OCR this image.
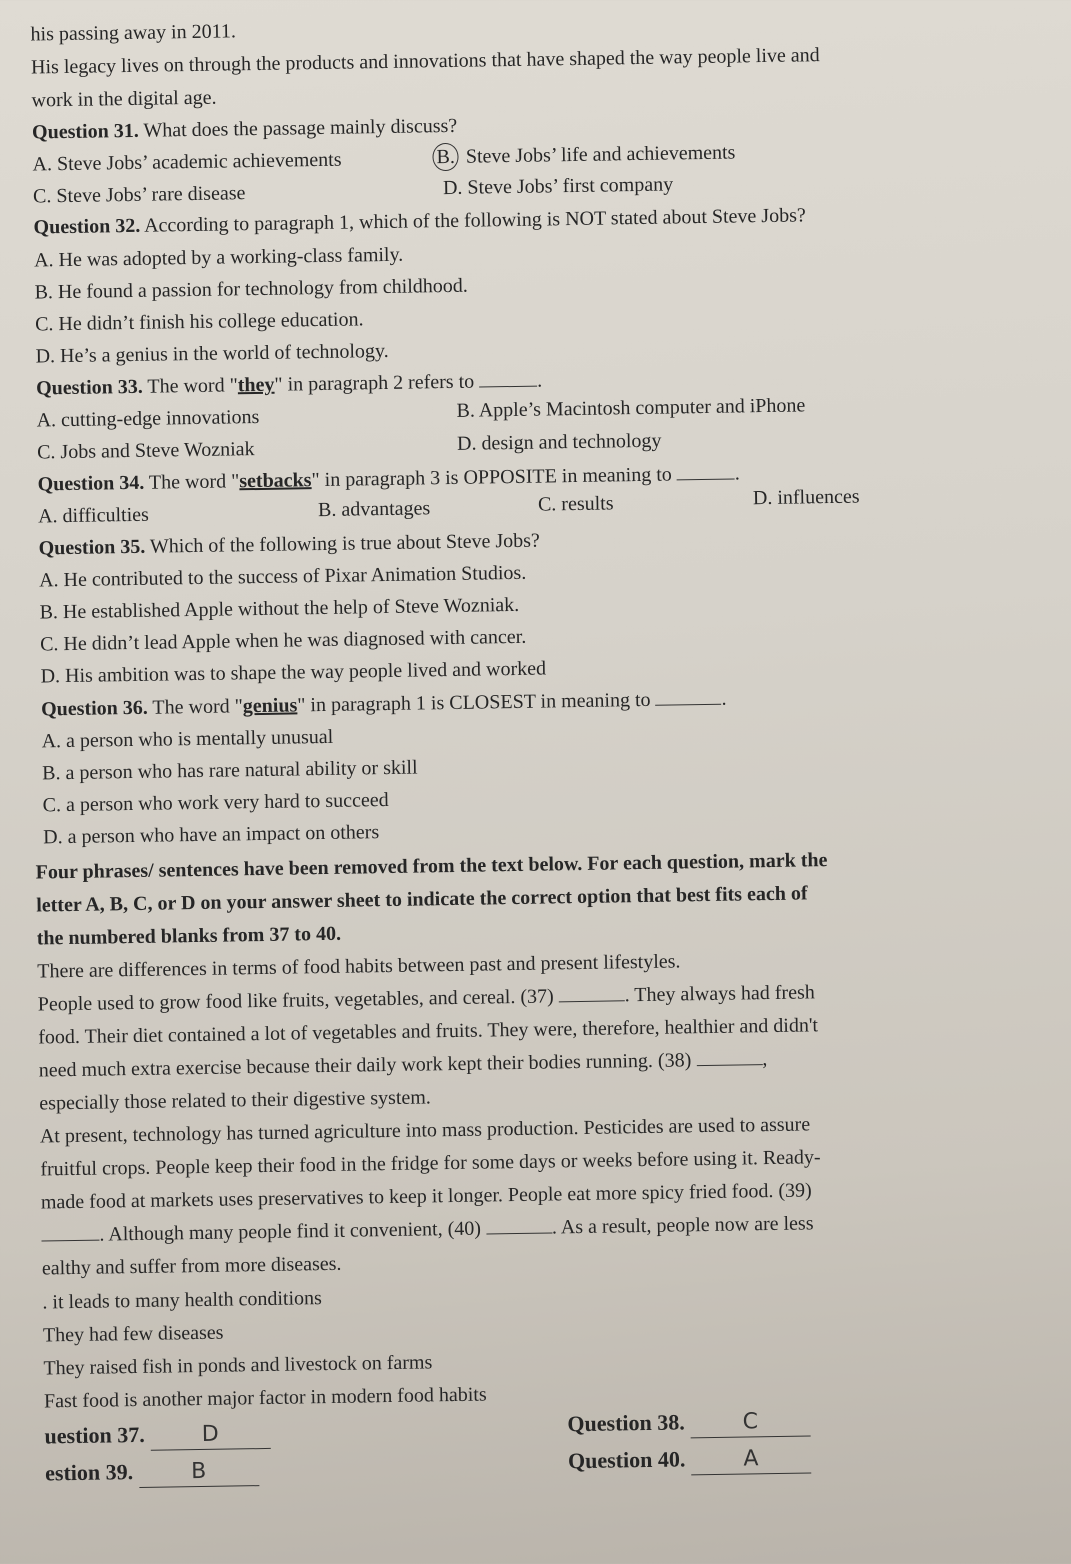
his passing away in 2011.
His legacy lives on through the products and innovations that have shaped the way people live and
work in the digital age.
Question 31. What does the passage mainly discuss?
A. Steve Jobs’ academic achievements	B. Steve Jobs’ life and achievements
C. Steve Jobs’ rare disease	D. Steve Jobs’ first company
Question 32. According to paragraph 1, which of the following is NOT stated about Steve Jobs?
A. He was adopted by a working-class family.
B. He found a passion for technology from childhood.
C. He didn’t finish his college education.
D. He’s a genius in the world of technology.
Question 33. The word "they" in paragraph 2 refers to	.
A. cutting-edge innovations	B. Apple’s Macintosh computer and iPhone
C. Jobs and Steve Wozniak	D. design and technology
Question 34. The word "setbacks" in paragraph 3 is OPPOSITE in meaning to	.
A. difficulties	B. advantages	C. results	D. influences
Question 35. Which of the following is true about Steve Jobs?
A. He contributed to the success of Pixar Animation Studios.
B. He established Apple without the help of Steve Wozniak.
C. He didn’t lead Apple when he was diagnosed with cancer.
D. His ambition was to shape the way people lived and worked
Question 36. The word "genius" in paragraph 1 is CLOSEST in meaning to	.
A. a person who is mentally unusual
B. a person who has rare natural ability or skill
C. a person who work very hard to succeed
D. a person who have an impact on others
Four phrases/ sentences have been removed from the text below. For each question, mark the
letter A, B, C, or D on your answer sheet to indicate the correct option that best fits each of
the numbered blanks from 37 to 40.
There are differences in terms of food habits between past and present lifestyles.
People used to grow food like fruits, vegetables, and cereal. (37)	. They always had fresh
food. Their diet contained a lot of vegetables and fruits. They were, therefore, healthier and didn't
need much extra exercise because their daily work kept their bodies running. (38)	,
especially those related to their digestive system.
At present, technology has turned agriculture into mass production. Pesticides are used to assure
fruitful crops. People keep their food in the fridge for some days or weeks before using it. Ready-
made food at markets uses preservatives to keep it longer. People eat more spicy fried food. (39)
. Although many people find it convenient, (40)	. As a result, people now are less
ealthy and suffer from more diseases.
. it leads to many health conditions
They had few diseases
They raised fish in ponds and livestock on farms
Fast food is another major factor in modern food habits
uestion 37.	D	Question 38.	C
estion 39.	B	Question 40.	A
